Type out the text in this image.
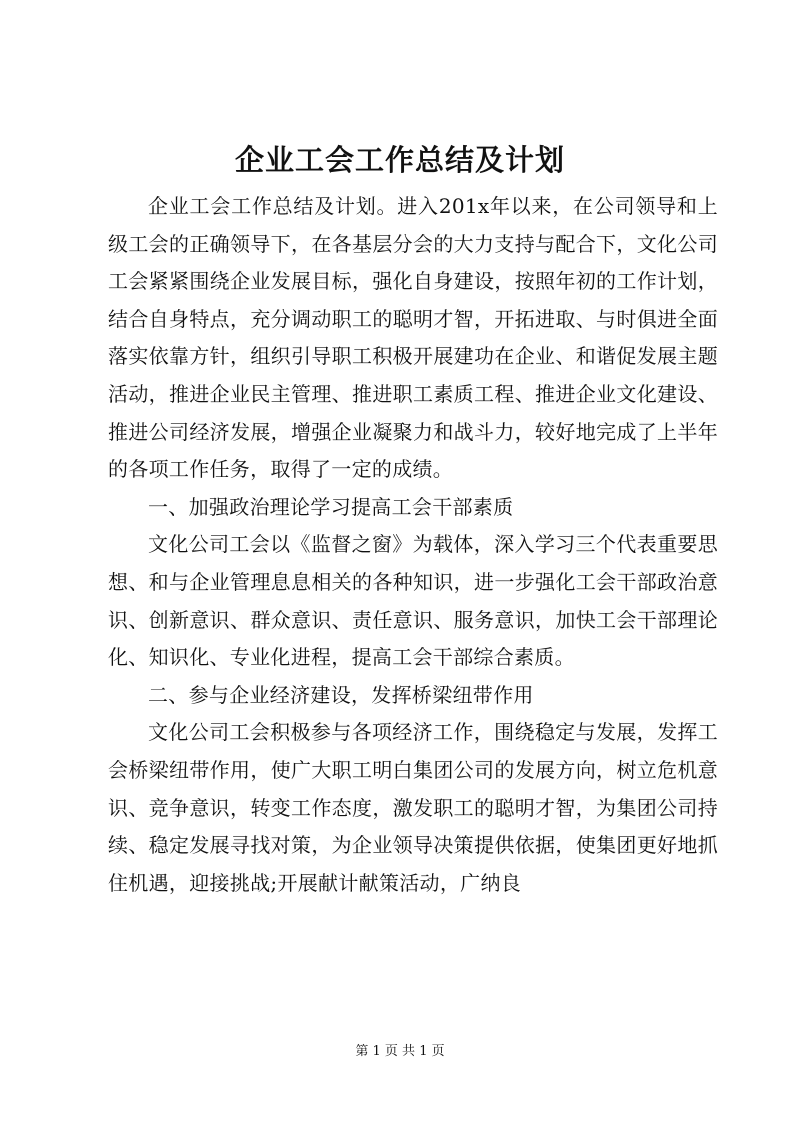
企业工会工作总结及计划

企业工会工作总结及计划。进入201x年以来，在公司领导和上级工会的正确领导下，在各基层分会的大力支持与配合下，文化公司工会紧紧围绕企业发展目标，强化自身建设，按照年初的工作计划，结合自身特点，充分调动职工的聪明才智，开拓进取、与时俱进全面落实依靠方针，组织引导职工积极开展建功在企业、和谐促发展主题活动，推进企业民主管理、推进职工素质工程、推进企业文化建设、推进公司经济发展，增强企业凝聚力和战斗力，较好地完成了上半年的各项工作任务，取得了一定的成绩。

一、加强政治理论学习提高工会干部素质

文化公司工会以《监督之窗》为载体，深入学习三个代表重要思想、和与企业管理息息相关的各种知识，进一步强化工会干部政治意识、创新意识、群众意识、责任意识、服务意识，加快工会干部理论化、知识化、专业化进程，提高工会干部综合素质。

二、参与企业经济建设，发挥桥梁纽带作用

文化公司工会积极参与各项经济工作，围绕稳定与发展，发挥工会桥梁纽带作用，使广大职工明白集团公司的发展方向，树立危机意识、竞争意识，转变工作态度，激发职工的聪明才智，为集团公司持续、稳定发展寻找对策，为企业领导决策提供依据，使集团更好地抓住机遇，迎接挑战;开展献计献策活动，广纳良

第 1 页 共 1 页
